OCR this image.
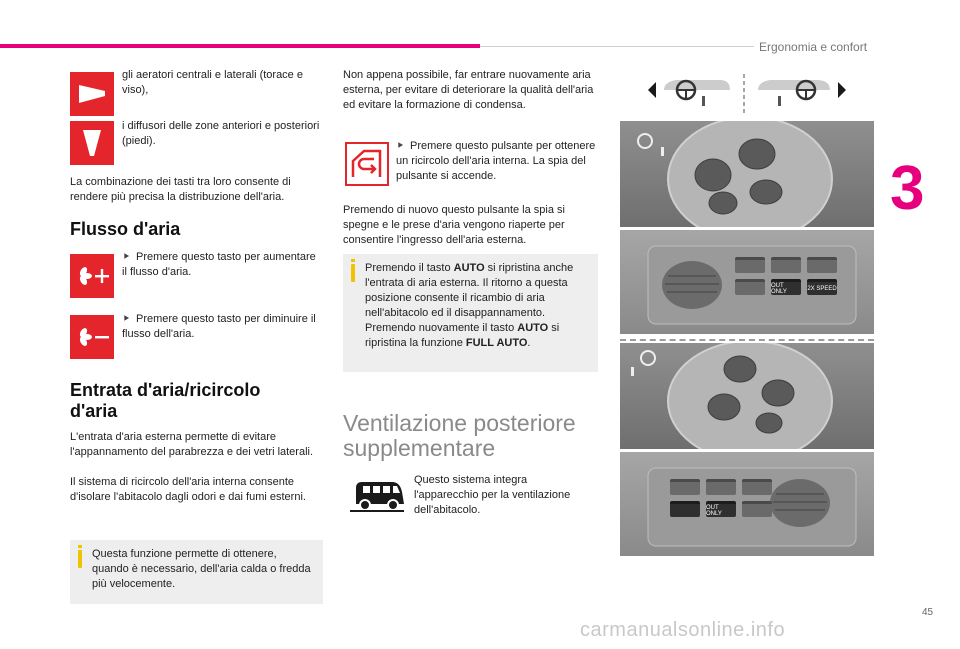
Ergonomia e confort
3
gli aeratori centrali e laterali (torace e viso),
i diffusori delle zone anteriori e posteriori (piedi).
La combinazione dei tasti tra loro consente di rendere più precisa la distribuzione dell'aria.
Flusso d'aria
⯈ Premere questo tasto per aumentare il flusso d'aria.
⯈ Premere questo tasto per diminuire il flusso dell'aria.
Entrata d'aria/ricircolo d'aria
L'entrata d'aria esterna permette di evitare l'appannamento del parabrezza e dei vetri laterali.
Il sistema di ricircolo dell'aria interna consente d'isolare l'abitacolo dagli odori e dai fumi esterni.
Questa funzione permette di ottenere, quando è necessario, dell'aria calda o fredda più velocemente.
Non appena possibile, far entrare nuovamente aria esterna, per evitare di deteriorare la qualità dell'aria ed evitare la formazione di condensa.
⯈ Premere questo pulsante per ottenere un ricircolo dell'aria interna. La spia del pulsante si accende.
Premendo di nuovo questo pulsante la spia si spegne e le prese d'aria vengono riaperte per consentire l'ingresso dell'aria esterna.
Premendo il tasto AUTO si ripristina anche l'entrata di aria esterna. Il ritorno a questa posizione consente il ricambio di aria nell'abitacolo ed il disappannamento. Premendo nuovamente il tasto AUTO si ripristina la funzione FULL AUTO.
Ventilazione posteriore supplementare
Questo sistema integra l'apparecchio per la ventilazione dell'abitacolo.
OUT ONLY	2X SPEED
OUT ONLY
45
carmanualsonline.info
